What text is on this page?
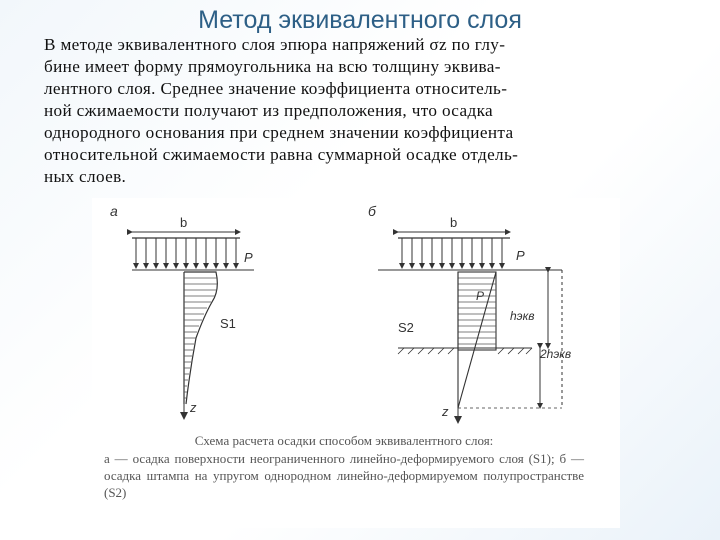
Метод эквивалентного слоя
В методе эквивалентного слоя эпюра напряжений σz по глу-
бине имеет форму прямоугольника на всю толщину эквива-
лентного слоя. Среднее значение коэффициента относитель-
ной сжимаемости получают из предположения, что осадка
однородного основания при среднем значении коэффициента
относительной сжимаемости равна суммарной осадке отдель-
ных слоев.
а
b
P
z
S1
б
b
P
P
S2
hэкв
2hэкв
z
Схема расчета осадки способом эквивалентного слоя:
а — осадка поверхности неограниченного линейно-деформируемого слоя (S1); б — осадка штампа на упругом однородном линейно-деформируемом полупространстве (S2)
